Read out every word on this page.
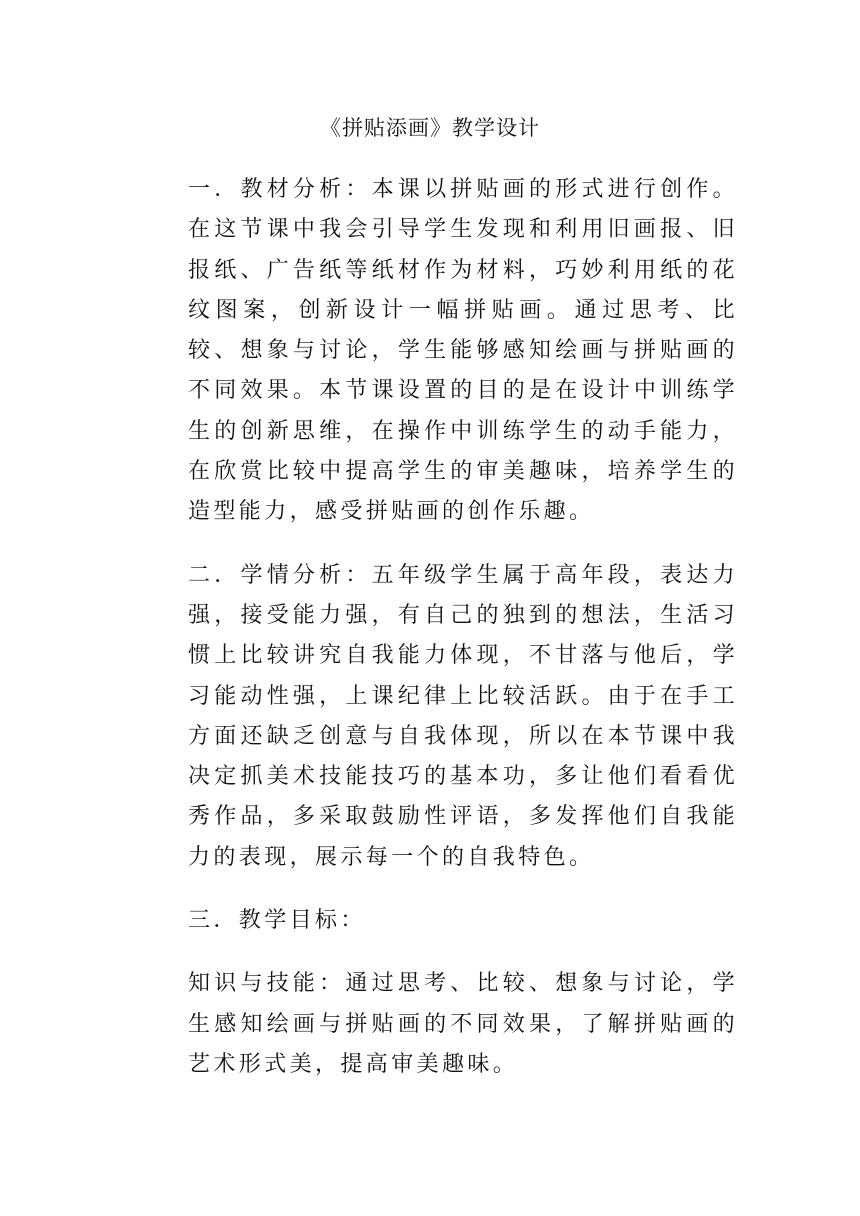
《拼贴添画》教学设计

一．教材分析：本课以拼贴画的形式进行创作。在这节课中我会引导学生发现和利用旧画报、旧报纸、广告纸等纸材作为材料，巧妙利用纸的花纹图案，创新设计一幅拼贴画。通过思考、比较、想象与讨论，学生能够感知绘画与拼贴画的不同效果。本节课设置的目的是在设计中训练学生的创新思维，在操作中训练学生的动手能力，在欣赏比较中提高学生的审美趣味，培养学生的造型能力，感受拼贴画的创作乐趣。

二．学情分析：五年级学生属于高年段，表达力强，接受能力强，有自己的独到的想法，生活习惯上比较讲究自我能力体现，不甘落与他后，学习能动性强，上课纪律上比较活跃。由于在手工方面还缺乏创意与自我体现，所以在本节课中我决定抓美术技能技巧的基本功，多让他们看看优秀作品，多采取鼓励性评语，多发挥他们自我能力的表现，展示每一个的自我特色。

三．教学目标：

知识与技能：通过思考、比较、想象与讨论，学生感知绘画与拼贴画的不同效果，了解拼贴画的艺术形式美，提高审美趣味。
